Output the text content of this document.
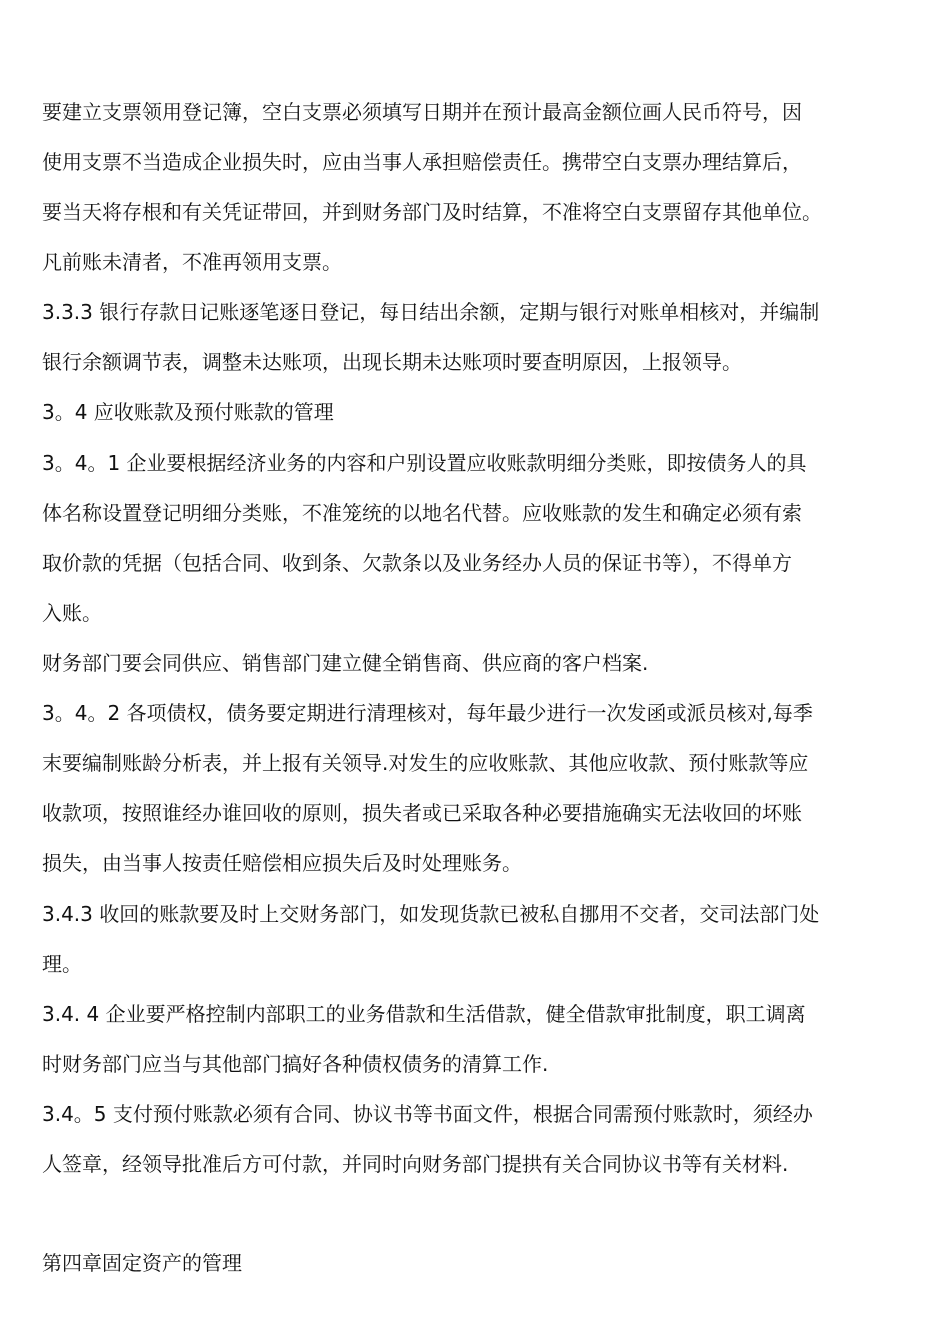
要建立支票领用登记簿，空白支票必须填写日期并在预计最高金额位画人民币符号，因
使用支票不当造成企业损失时，应由当事人承担赔偿责任。携带空白支票办理结算后，
要当天将存根和有关凭证带回，并到财务部门及时结算，不准将空白支票留存其他单位。
凡前账未清者，不准再领用支票。
3.3.3 银行存款日记账逐笔逐日登记，每日结出余额，定期与银行对账单相核对，并编制
银行余额调节表，调整未达账项，出现长期未达账项时要查明原因，上报领导。
3。4 应收账款及预付账款的管理
3。4。1 企业要根据经济业务的内容和户别设置应收账款明细分类账，即按债务人的具
体名称设置登记明细分类账，不准笼统的以地名代替。应收账款的发生和确定必须有索
取价款的凭据（包括合同、收到条、欠款条以及业务经办人员的保证书等），不得单方
入账。
财务部门要会同供应、销售部门建立健全销售商、供应商的客户档案.
3。4。2 各项债权，债务要定期进行清理核对，每年最少进行一次发函或派员核对,每季
末要编制账龄分析表，并上报有关领导.对发生的应收账款、其他应收款、预付账款等应
收款项，按照谁经办谁回收的原则，损失者或已采取各种必要措施确实无法收回的坏账
损失，由当事人按责任赔偿相应损失后及时处理账务。
3.4.3 收回的账款要及时上交财务部门，如发现货款已被私自挪用不交者，交司法部门处
理。
3.4. 4 企业要严格控制内部职工的业务借款和生活借款，健全借款审批制度，职工调离
时财务部门应当与其他部门搞好各种债权债务的清算工作.
3.4。5 支付预付账款必须有合同、协议书等书面文件，根据合同需预付账款时，须经办
人签章，经领导批准后方可付款，并同时向财务部门提拱有关合同协议书等有关材料.
第四章固定资产的管理
